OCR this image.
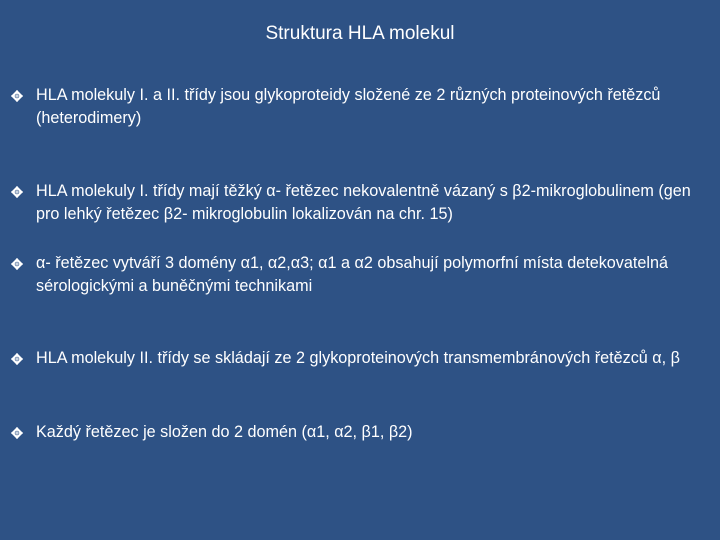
Struktura HLA molekul
HLA molekuly I. a II. třídy jsou glykoproteidy složené ze 2 různých proteinových řetězců (heterodimery)
HLA molekuly I. třídy mají těžký α- řetězec nekovalentně vázaný s β2-mikroglobulinem (gen pro lehký řetězec β2- mikroglobulin lokalizován na chr. 15)
α- řetězec vytváří 3 domény α1, α2,α3; α1 a α2 obsahují polymorfní místa detekovatelná sérologickými a buněčnými technikami
HLA molekuly II. třídy se skládají ze 2 glykoproteinových transmembránových řetězců α, β
Každý řetězec je složen do 2 domén (α1, α2, β1, β2)
